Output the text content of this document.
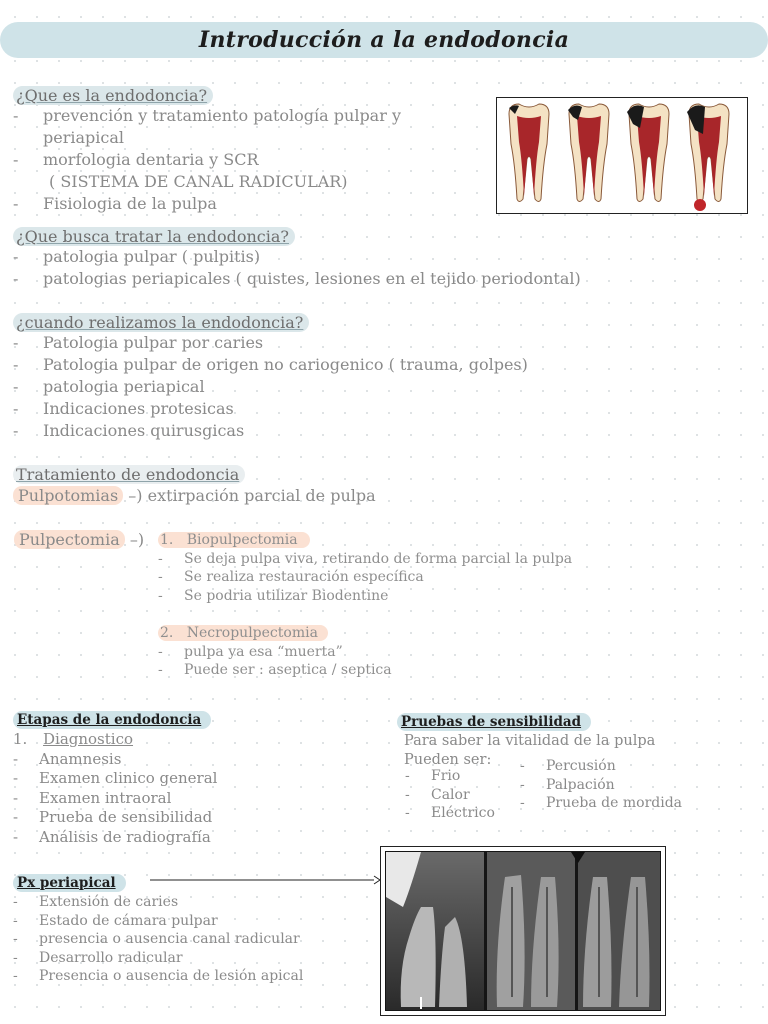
Introducción a la endodoncia
¿Que es la endodoncia?
- prevención y tratamiento patología pulpar y
periapical
- morfologia dentaria y SCR
( SISTEMA DE CANAL RADICULAR)
- Fisiologia de la pulpa
¿Que busca tratar la endodoncia?
- patologia pulpar ( pulpitis)
- patologias periapicales ( quistes, lesiones en el tejido periodontal)
¿cuando realizamos la endodoncia?
- Patologia pulpar por caries
- Patologia pulpar de origen no cariogenico ( trauma, golpes)
- patologia periapical
- Indicaciones protesicas
- Indicaciones quirusgicas
Tratamiento de endodoncia
Pulpotomias –) extirpación parcial de pulpa
Pulpectomia –) 1. Biopulpectomia
- Se deja pulpa viva, retirando de forma parcial la pulpa
- Se realiza restauración específica
- Se podria utilizar Biodentine
2. Necropulpectomia
- pulpa ya esa “muerta”
- Puede ser : aseptica / septica
Etapas de la endodoncia
1. Diagnostico
- Anamnesis
- Examen clinico general
- Examen intraoral
- Prueba de sensibilidad
- Análisis de radiografía
Pruebas de sensibilidad
Para saber la vitalidad de la pulpa
Pueden ser:
- Frio
- Calor
- Eléctrico
- Percusión
- Palpación
- Prueba de mordida
Px periapical
- Extensión de caries
- Estado de cámara pulpar
- presencia o ausencia canal radicular
- Desarrollo radicular
- Presencia o ausencia de lesión apical
